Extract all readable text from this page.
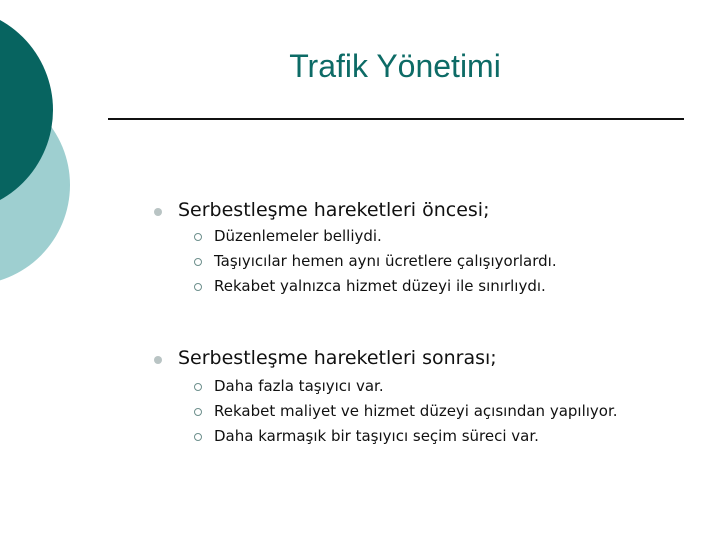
Trafik Yönetimi
Serbestleşme hareketleri öncesi;
Düzenlemeler belliydi.
Taşıyıcılar hemen aynı ücretlere çalışıyorlardı.
Rekabet yalnızca hizmet düzeyi ile sınırlıydı.
Serbestleşme hareketleri sonrası;
Daha fazla taşıyıcı var.
Rekabet maliyet ve hizmet düzeyi açısından yapılıyor.
Daha karmaşık bir taşıyıcı seçim süreci var.
